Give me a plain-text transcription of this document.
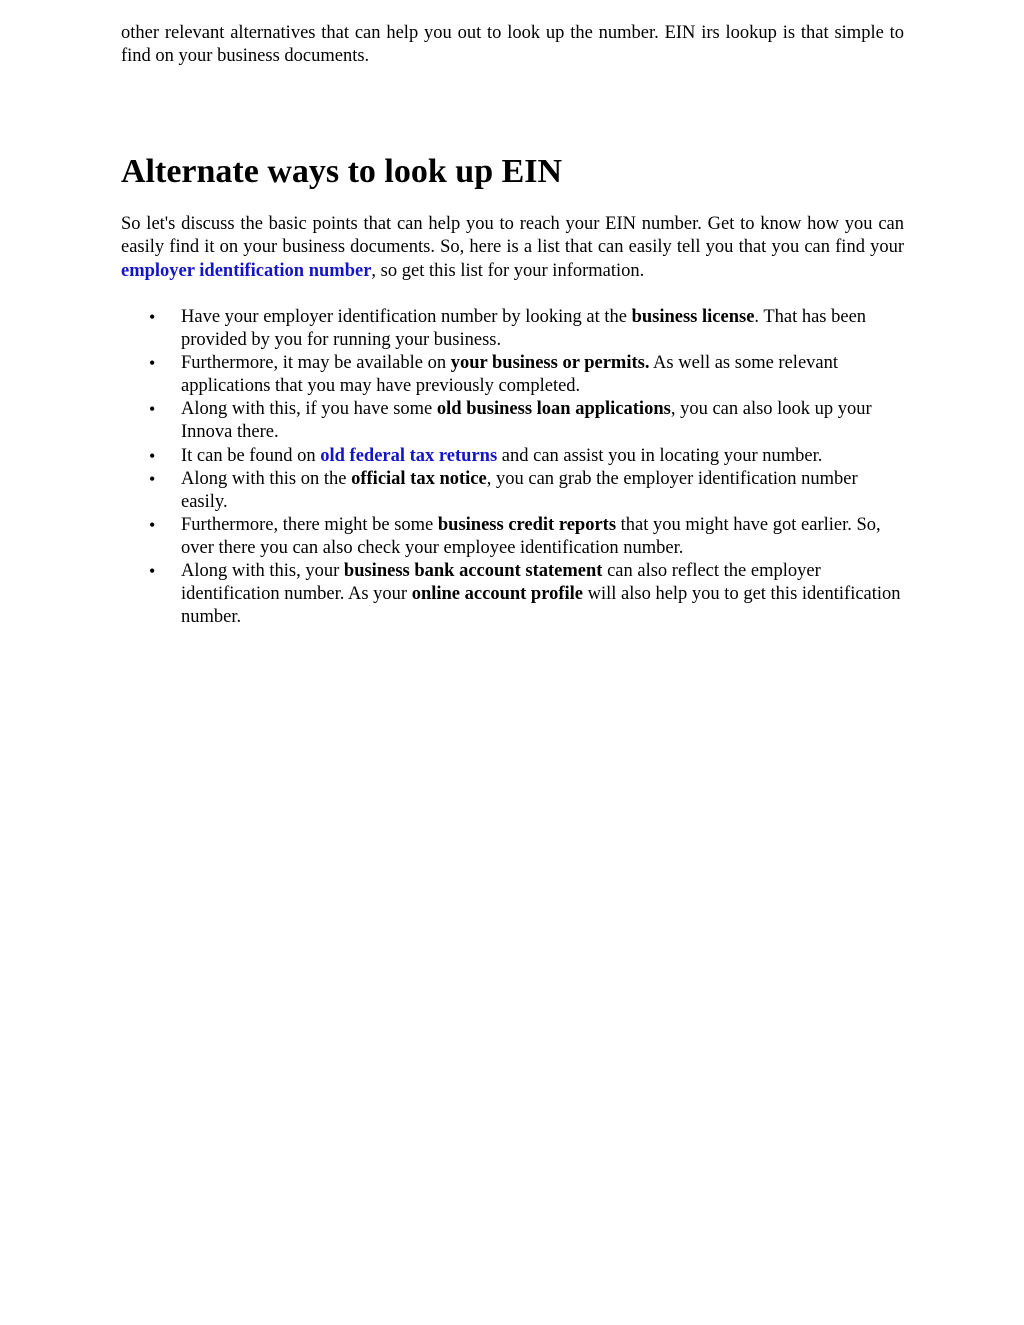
other relevant alternatives that can help you out to look up the number. EIN irs lookup is that simple to find on your business documents.

Alternate ways to look up EIN

So let's discuss the basic points that can help you to reach your EIN number. Get to know how you can easily find it on your business documents. So, here is a list that can easily tell you that you can find your employer identification number, so get this list for your information.

• Have your employer identification number by looking at the business license. That has been provided by you for running your business.
• Furthermore, it may be available on your business or permits. As well as some relevant applications that you may have previously completed.
• Along with this, if you have some old business loan applications, you can also look up your Innova there.
• It can be found on old federal tax returns and can assist you in locating your number.
• Along with this on the official tax notice, you can grab the employer identification number easily.
• Furthermore, there might be some business credit reports that you might have got earlier. So, over there you can also check your employee identification number.
• Along with this, your business bank account statement can also reflect the employer identification number. As your online account profile will also help you to get this identification number.
